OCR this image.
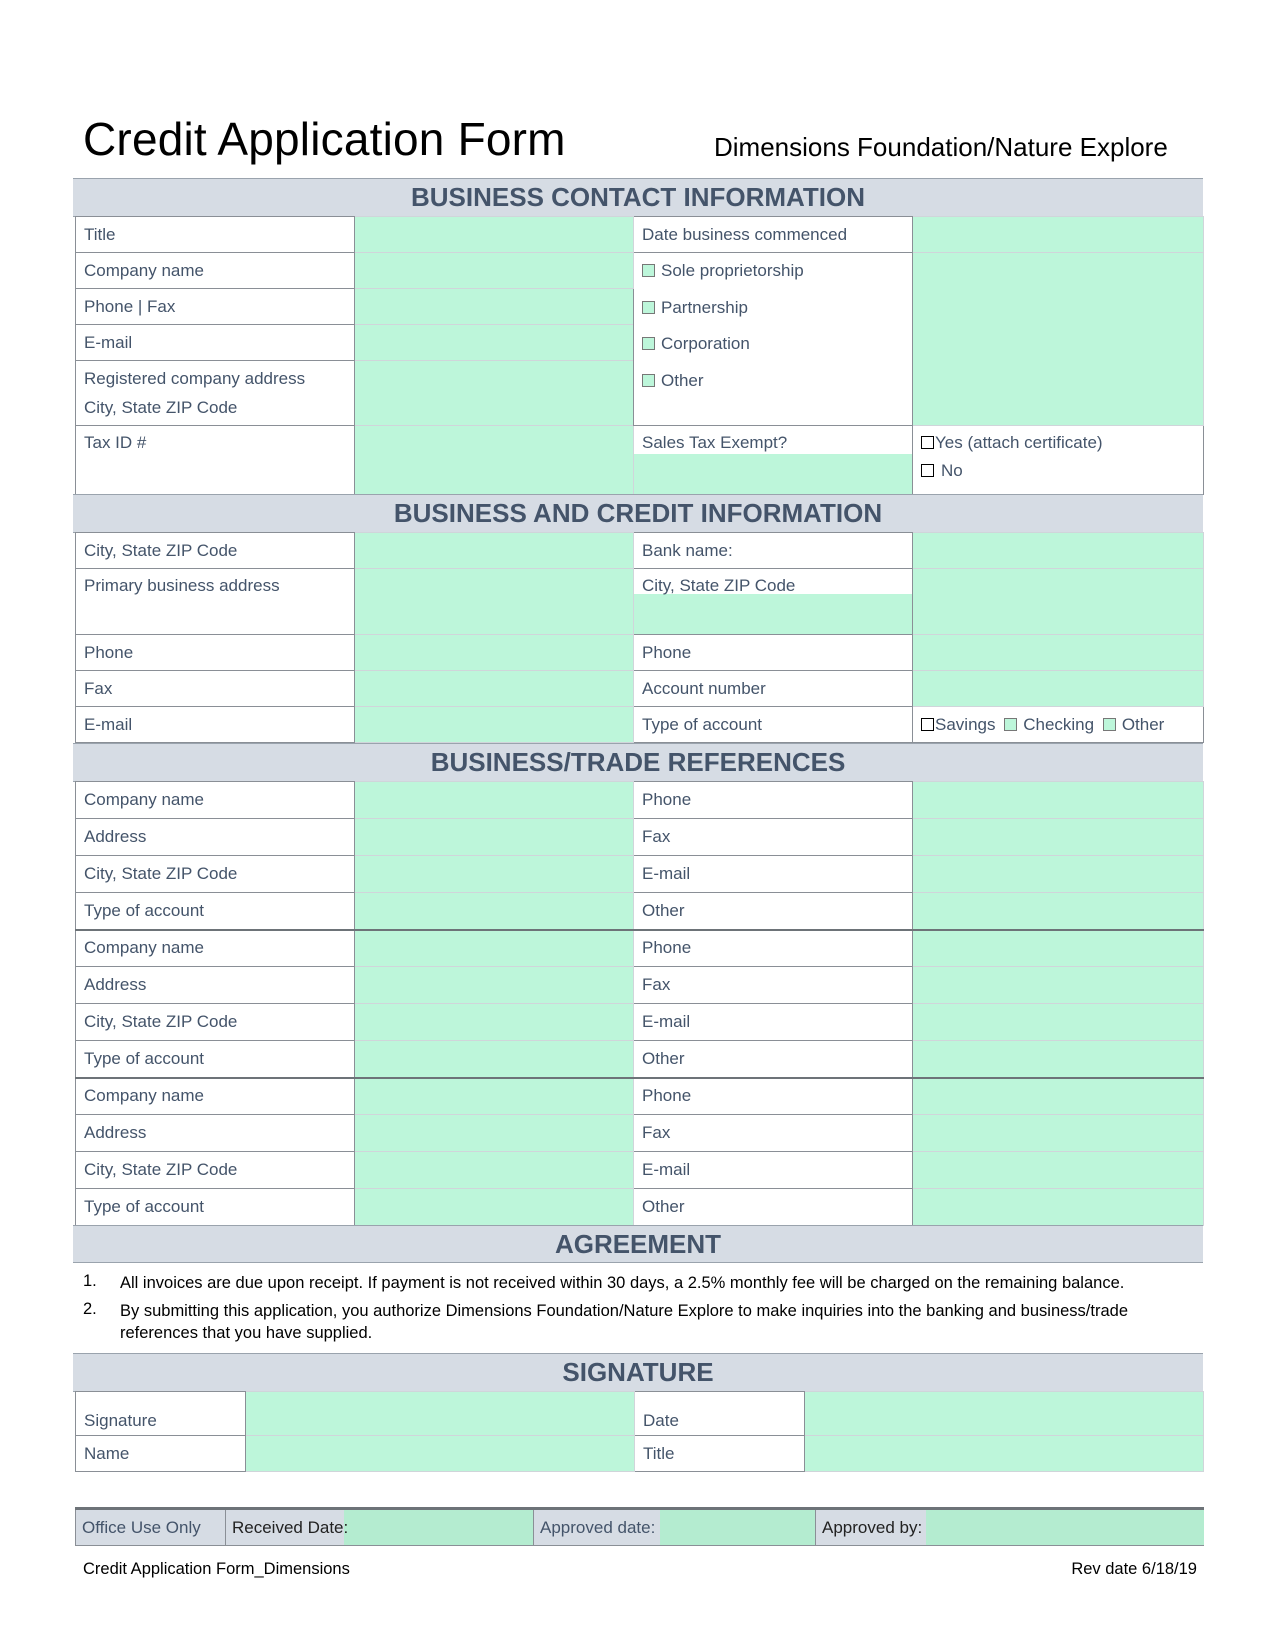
Credit Application Form	Dimensions Foundation/Nature Explore
BUSINESS CONTACT INFORMATION
Title		Date business commenced	
Company name		Sole proprietorship
Partnership
Corporation
Other	

Phone | Fax			
E-mail			
Registered company address
City, State ZIP Code			
Tax ID #		Sales Tax Exempt?	Yes (attach certificate)
No
BUSINESS AND CREDIT INFORMATION
City, State ZIP Code		Bank name:	
Primary business address		City, State ZIP Code	

Phone		Phone	
Fax		Account number	
E-mail		Type of account	Savings Checking Other
BUSINESS/TRADE REFERENCES
Company name		Phone	
Address		Fax	
City, State ZIP Code		E-mail	
Type of account		Other	
Company name		Phone	
Address		Fax	
City, State ZIP Code		E-mail	
Type of account		Other	
Company name		Phone	
Address		Fax	
City, State ZIP Code		E-mail	
Type of account		Other	
AGREEMENT
1. All invoices are due upon receipt. If payment is not received within 30 days, a 2.5% monthly fee will be charged on the remaining balance.
2. By submitting this application, you authorize Dimensions Foundation/Nature Explore to make inquiries into the banking and business/trade references that you have supplied.
SIGNATURE
Signature		Date	
Name		Title	
Office Use Only	Received Date:		Approved date:		Approved by:	
Credit Application Form_Dimensions	Rev date 6/18/19
